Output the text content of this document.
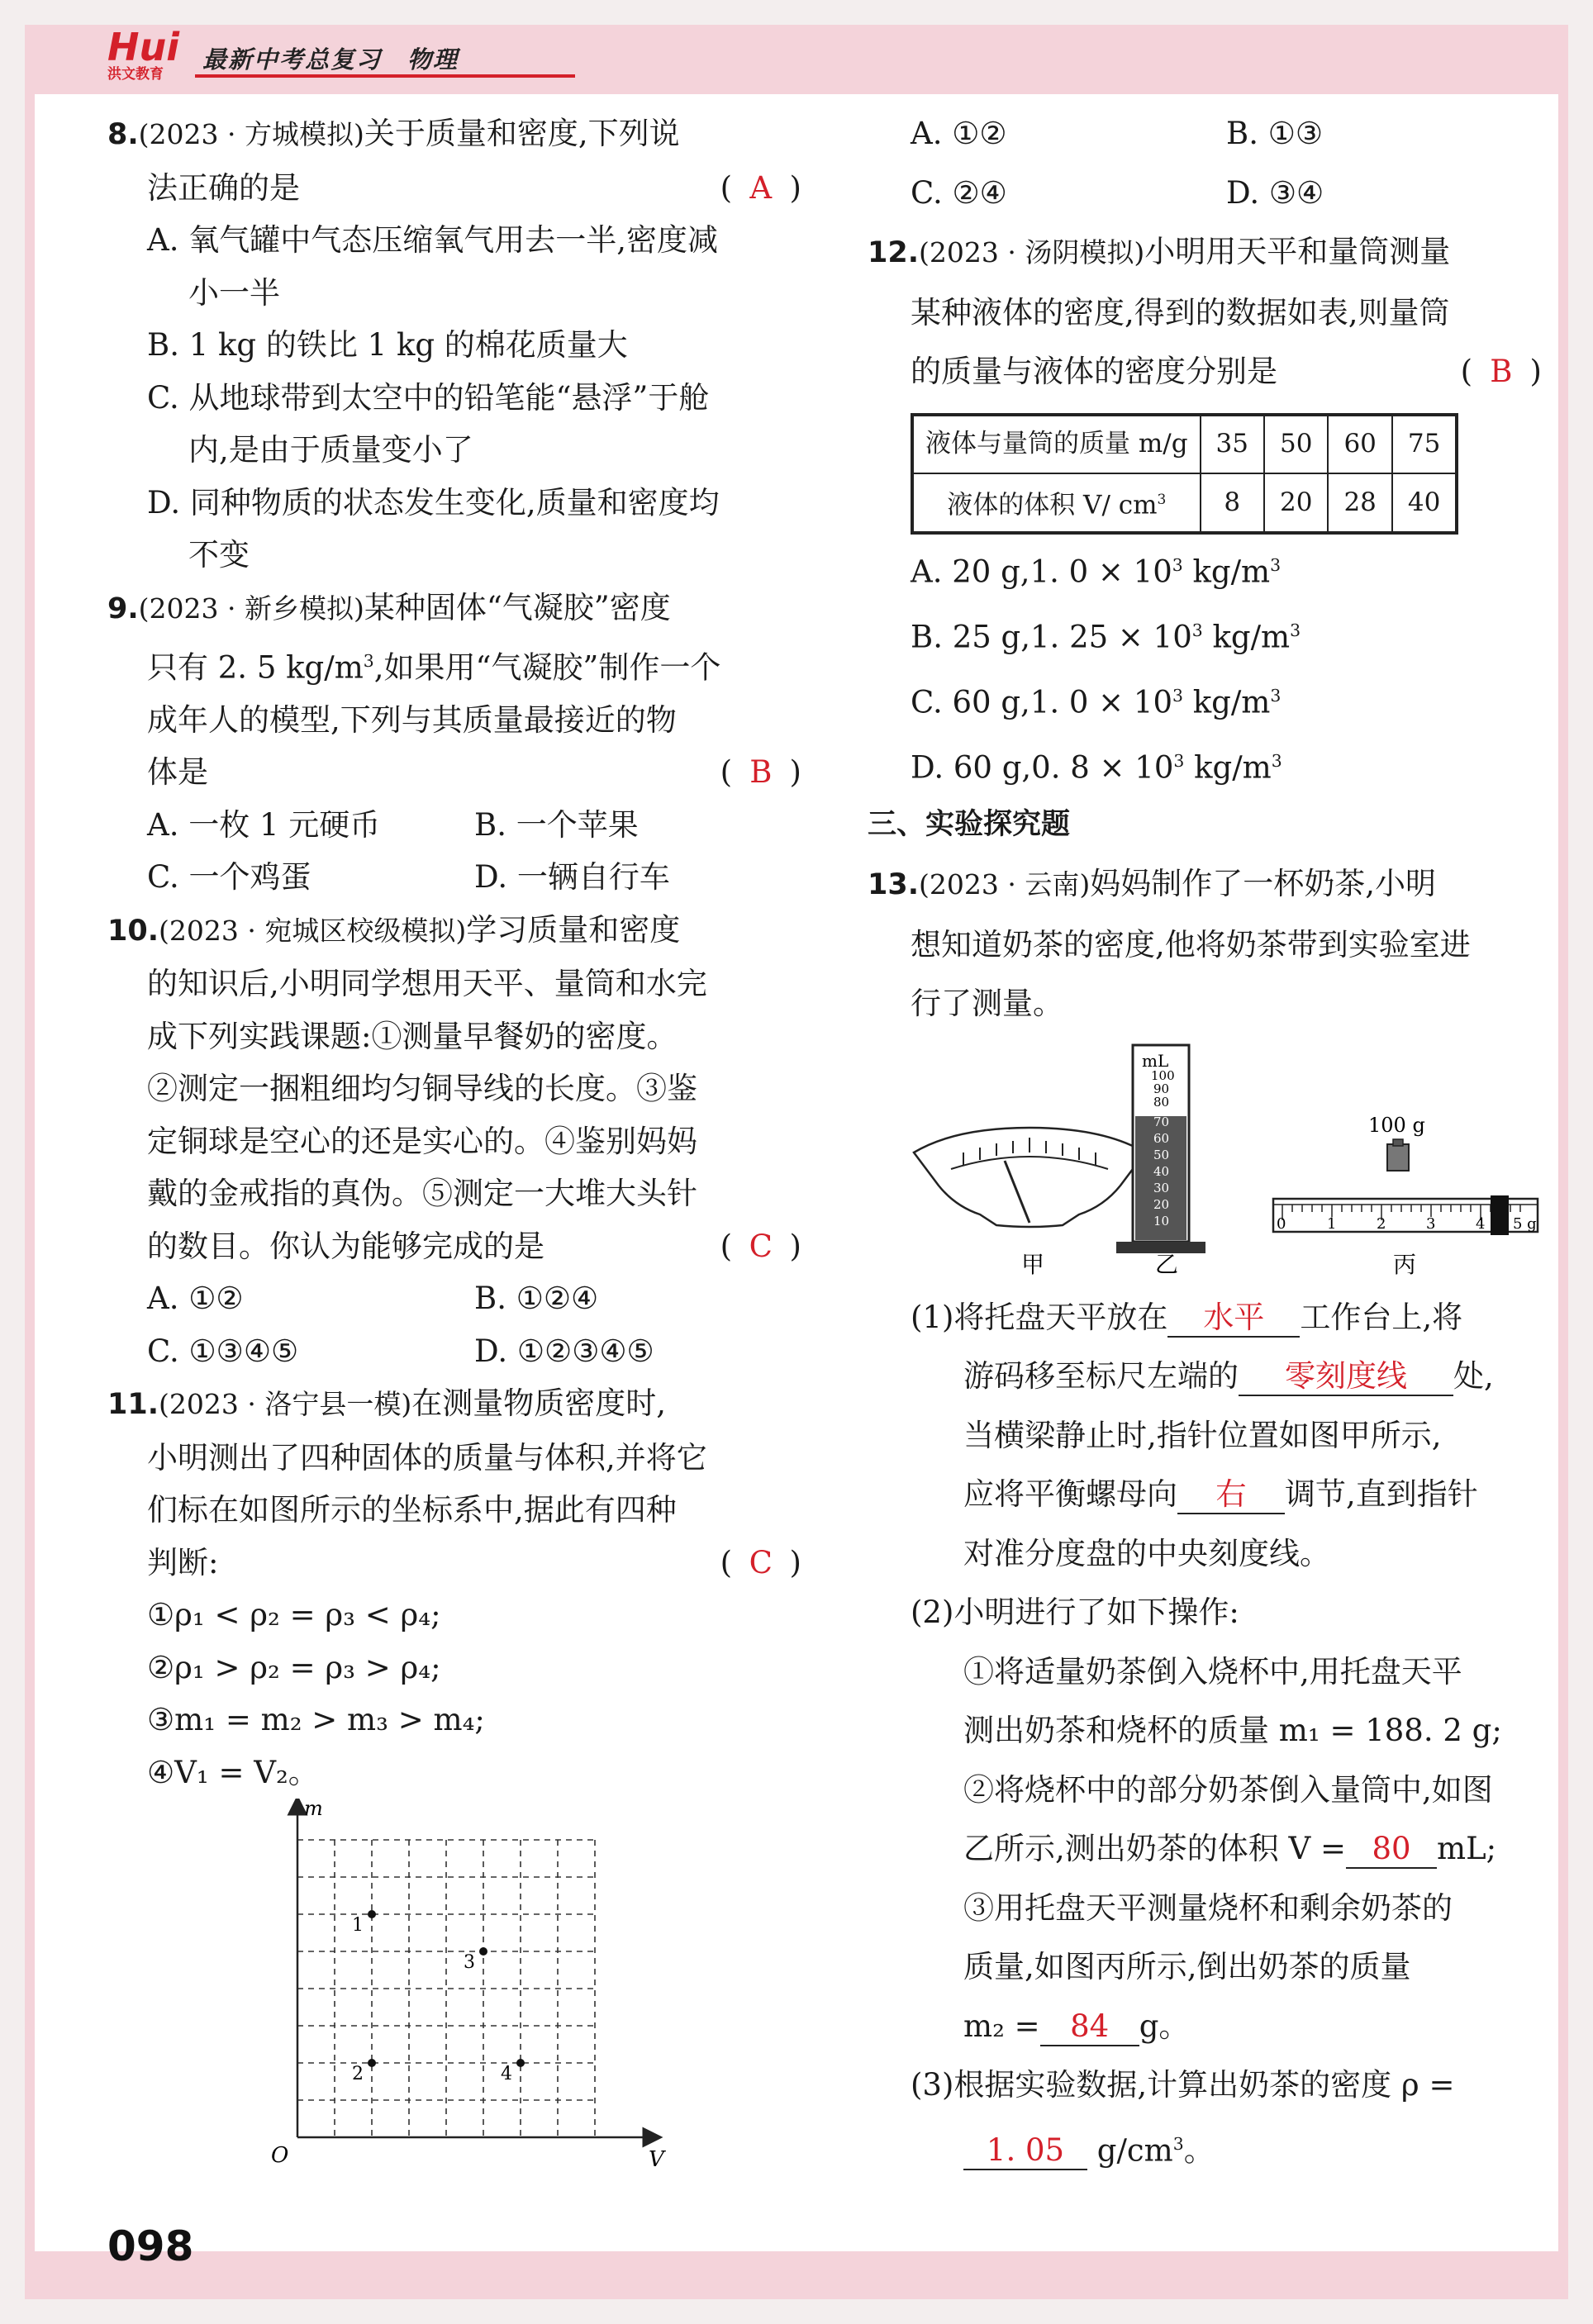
Hui
洪文教育
最新中考总复习　物理
8.(2023 · 方城模拟)关于质量和密度,下列说
法正确的是	( A )
A. 氧气罐中气态压缩氧气用去一半,密度减
小一半
B. 1 kg 的铁比 1 kg 的棉花质量大
C. 从地球带到太空中的铅笔能“悬浮”于舱
内,是由于质量变小了
D. 同种物质的状态发生变化,质量和密度均
不变
9.(2023 · 新乡模拟)某种固体“气凝胶”密度
只有 2. 5 $kg/m^3$,如果用“气凝胶”制作一个
成年人的模型,下列与其质量最接近的物
体是	( B )
A. 一枚 1 元硬币	B. 一个苹果
C. 一个鸡蛋	D. 一辆自行车
10.(2023 · 宛城区校级模拟)学习质量和密度
的知识后,小明同学想用天平、量筒和水完
成下列实践课题:①测量早餐奶的密度。
②测定一捆粗细均匀铜导线的长度。③鉴
定铜球是空心的还是实心的。④鉴别妈妈
戴的金戒指的真伪。⑤测定一大堆大头针
的数目。你认为能够完成的是	( C )
A. ①②	B. ①②④
C. ①③④⑤	D. ①②③④⑤
11.(2023 · 洛宁县一模)在测量物质密度时,
小明测出了四种固体的质量与体积,并将它
们标在如图所示的坐标系中,据此有四种
判断:	( C )
①ρ₁ < ρ₂ = ρ₃ < ρ₄;
②ρ₁ > ρ₂ = ρ₃ > ρ₄;
③m₁ = m₂ > m₃ > m₄;
④V₁ = V₂。
m
V
O
1
2
3
4
A. ①②	B. ①③
C. ②④	D. ③④
12.(2023 · 汤阴模拟)小明用天平和量筒测量
某种液体的密度,得到的数据如表,则量筒
的质量与液体的密度分别是	( B )
液体与量筒的质量 m/g	35	50	60	75
液体的体积 V/ $cm^3$	8	20	28	40
A. 20 g,1. $0 \times 10^3$ $kg/m^3$
B. 25 g,1. $25 \times 10^3$ $kg/m^3$
C. 60 g,1. $0 \times 10^3$ $kg/m^3$
D. 60 g,0. $8 \times 10^3$ $kg/m^3$
三、实验探究题
13.(2023 · 云南)妈妈制作了一杯奶茶,小明
想知道奶茶的密度,他将奶茶带到实验室进
行了测量。
甲
mL
100
90
80
70
60
50
40
30
20
10
乙
100 g
0	1	2	3	4 5 g
丙
(1)将托盘天平放在 水平 工作台上,将
游码移至标尺左端的 零刻度线 处,
当横梁静止时,指针位置如图甲所示,
应将平衡螺母向 右 调节,直到指针
对准分度盘的中央刻度线。
(2)小明进行了如下操作:
①将适量奶茶倒入烧杯中,用托盘天平
测出奶茶和烧杯的质量 m₁ = 188. 2 g;
②将烧杯中的部分奶茶倒入量筒中,如图
乙所示,测出奶茶的体积 V = 80 mL;
③用托盘天平测量烧杯和剩余奶茶的
质量,如图丙所示,倒出奶茶的质量
m₂ = 84 g。
(3)根据实验数据,计算出奶茶的密度 ρ =
1. 05 $g/cm^3$。
098
